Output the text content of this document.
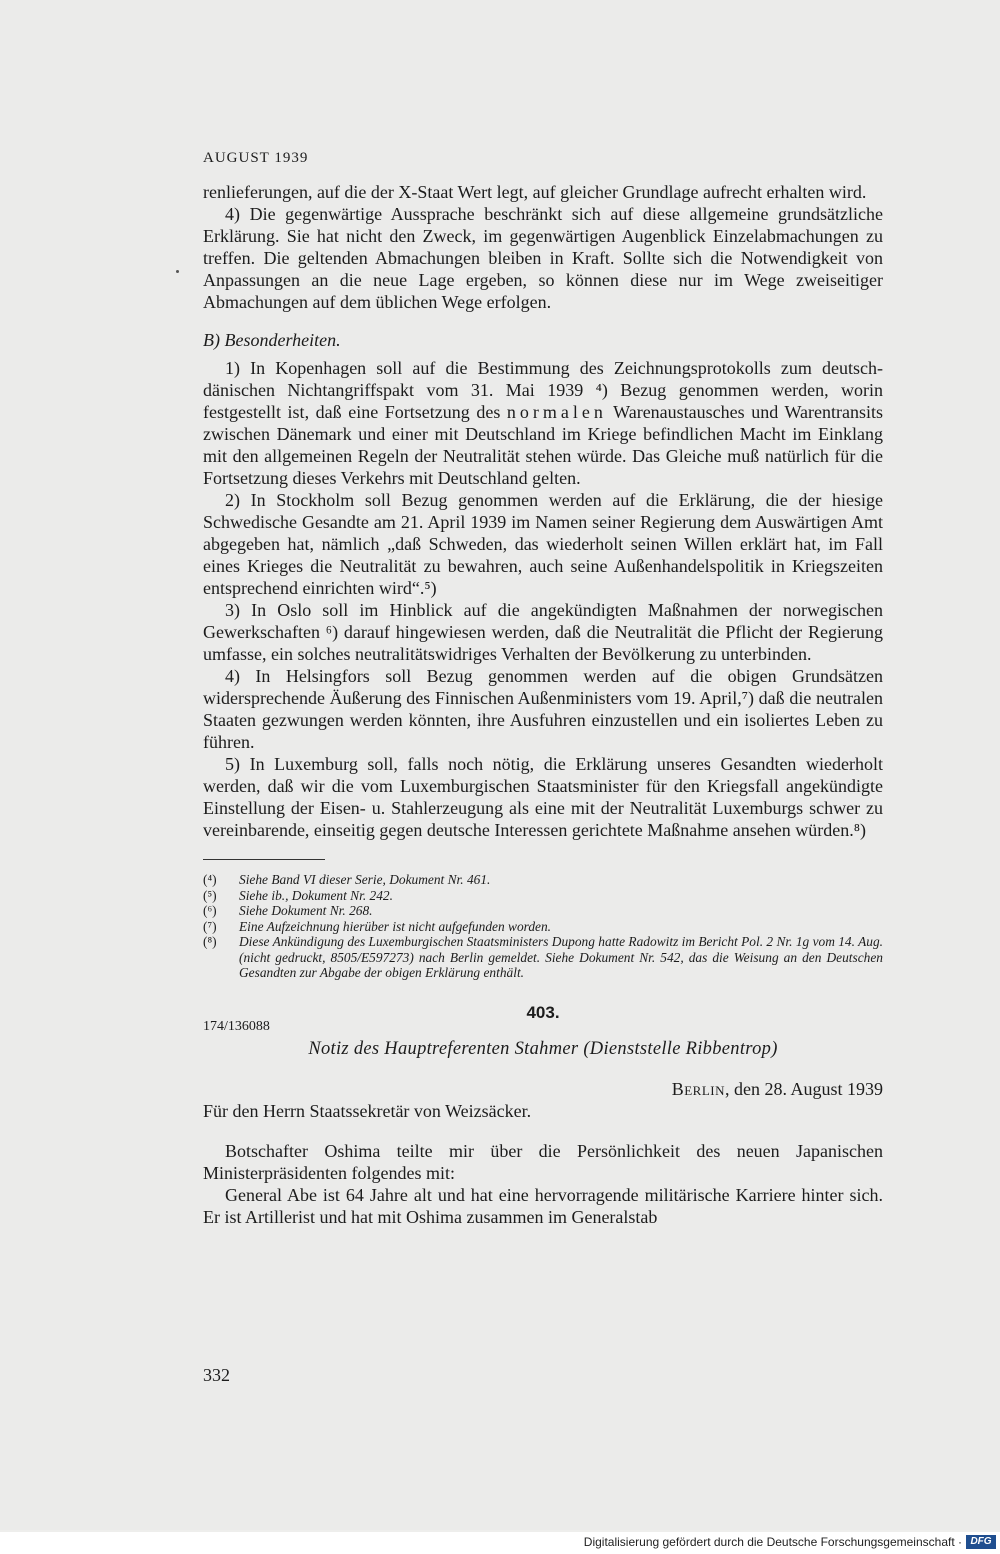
AUGUST 1939

renlieferungen, auf die der X-Staat Wert legt, auf gleicher Grundlage aufrecht erhalten wird.

4) Die gegenwärtige Aussprache beschränkt sich auf diese allgemeine grundsätzliche Erklärung. Sie hat nicht den Zweck, im gegenwärtigen Augenblick Einzelabmachungen zu treffen. Die geltenden Abmachungen bleiben in Kraft. Sollte sich die Notwendigkeit von Anpassungen an die neue Lage ergeben, so können diese nur im Wege zweiseitiger Abmachungen auf dem üblichen Wege erfolgen.

B) Besonderheiten.

1) In Kopenhagen soll auf die Bestimmung des Zeichnungsprotokolls zum deutsch-dänischen Nichtangriffspakt vom 31. Mai 1939 ⁴) Bezug genommen werden, worin festgestellt ist, daß eine Fortsetzung des normalen Warenaustausches und Warentransits zwischen Dänemark und einer mit Deutschland im Kriege befindlichen Macht im Einklang mit den allgemeinen Regeln der Neutralität stehen würde. Das Gleiche muß natürlich für die Fortsetzung dieses Verkehrs mit Deutschland gelten.

2) In Stockholm soll Bezug genommen werden auf die Erklärung, die der hiesige Schwedische Gesandte am 21. April 1939 im Namen seiner Regierung dem Auswärtigen Amt abgegeben hat, nämlich „daß Schweden, das wiederholt seinen Willen erklärt hat, im Fall eines Krieges die Neutralität zu bewahren, auch seine Außenhandelspolitik in Kriegszeiten entsprechend einrichten wird“.⁵)

3) In Oslo soll im Hinblick auf die angekündigten Maßnahmen der norwegischen Gewerkschaften ⁶) darauf hingewiesen werden, daß die Neutralität die Pflicht der Regierung umfasse, ein solches neutralitätswidriges Verhalten der Bevölkerung zu unterbinden.

4) In Helsingfors soll Bezug genommen werden auf die obigen Grundsätzen widersprechende Äußerung des Finnischen Außenministers vom 19. April,⁷) daß die neutralen Staaten gezwungen werden könnten, ihre Ausfuhren einzustellen und ein isoliertes Leben zu führen.

5) In Luxemburg soll, falls noch nötig, die Erklärung unseres Gesandten wiederholt werden, daß wir die vom Luxemburgischen Staatsminister für den Kriegsfall angekündigte Einstellung der Eisen- u. Stahlerzeugung als eine mit der Neutralität Luxemburgs schwer zu vereinbarende, einseitig gegen deutsche Interessen gerichtete Maßnahme ansehen würden.⁸)

(⁴)	Siehe Band VI dieser Serie, Dokument Nr. 461.
(⁵)	Siehe ib., Dokument Nr. 242.
(⁶)	Siehe Dokument Nr. 268.
(⁷)	Eine Aufzeichnung hierüber ist nicht aufgefunden worden.
(⁸)	Diese Ankündigung des Luxemburgischen Staatsministers Dupong hatte Radowitz im Bericht Pol. 2 Nr. 1g vom 14. Aug. (nicht gedruckt, 8505/E597273) nach Berlin gemeldet. Siehe Dokument Nr. 542, das die Weisung an den Deutschen Gesandten zur Abgabe der obigen Erklärung enthält.
403.
174/136088
Notiz des Hauptreferenten Stahmer (Dienststelle Ribbentrop)
Berlin, den 28. August 1939
Für den Herrn Staatssekretär von Weizsäcker.

Botschafter Oshima teilte mir über die Persönlichkeit des neuen Japanischen Ministerpräsidenten folgendes mit:

General Abe ist 64 Jahre alt und hat eine hervorragende militärische Karriere hinter sich. Er ist Artillerist und hat mit Oshima zusammen im Generalstab

332
Digitalisierung gefördert durch die Deutsche Forschungsgemeinschaft · DFG
